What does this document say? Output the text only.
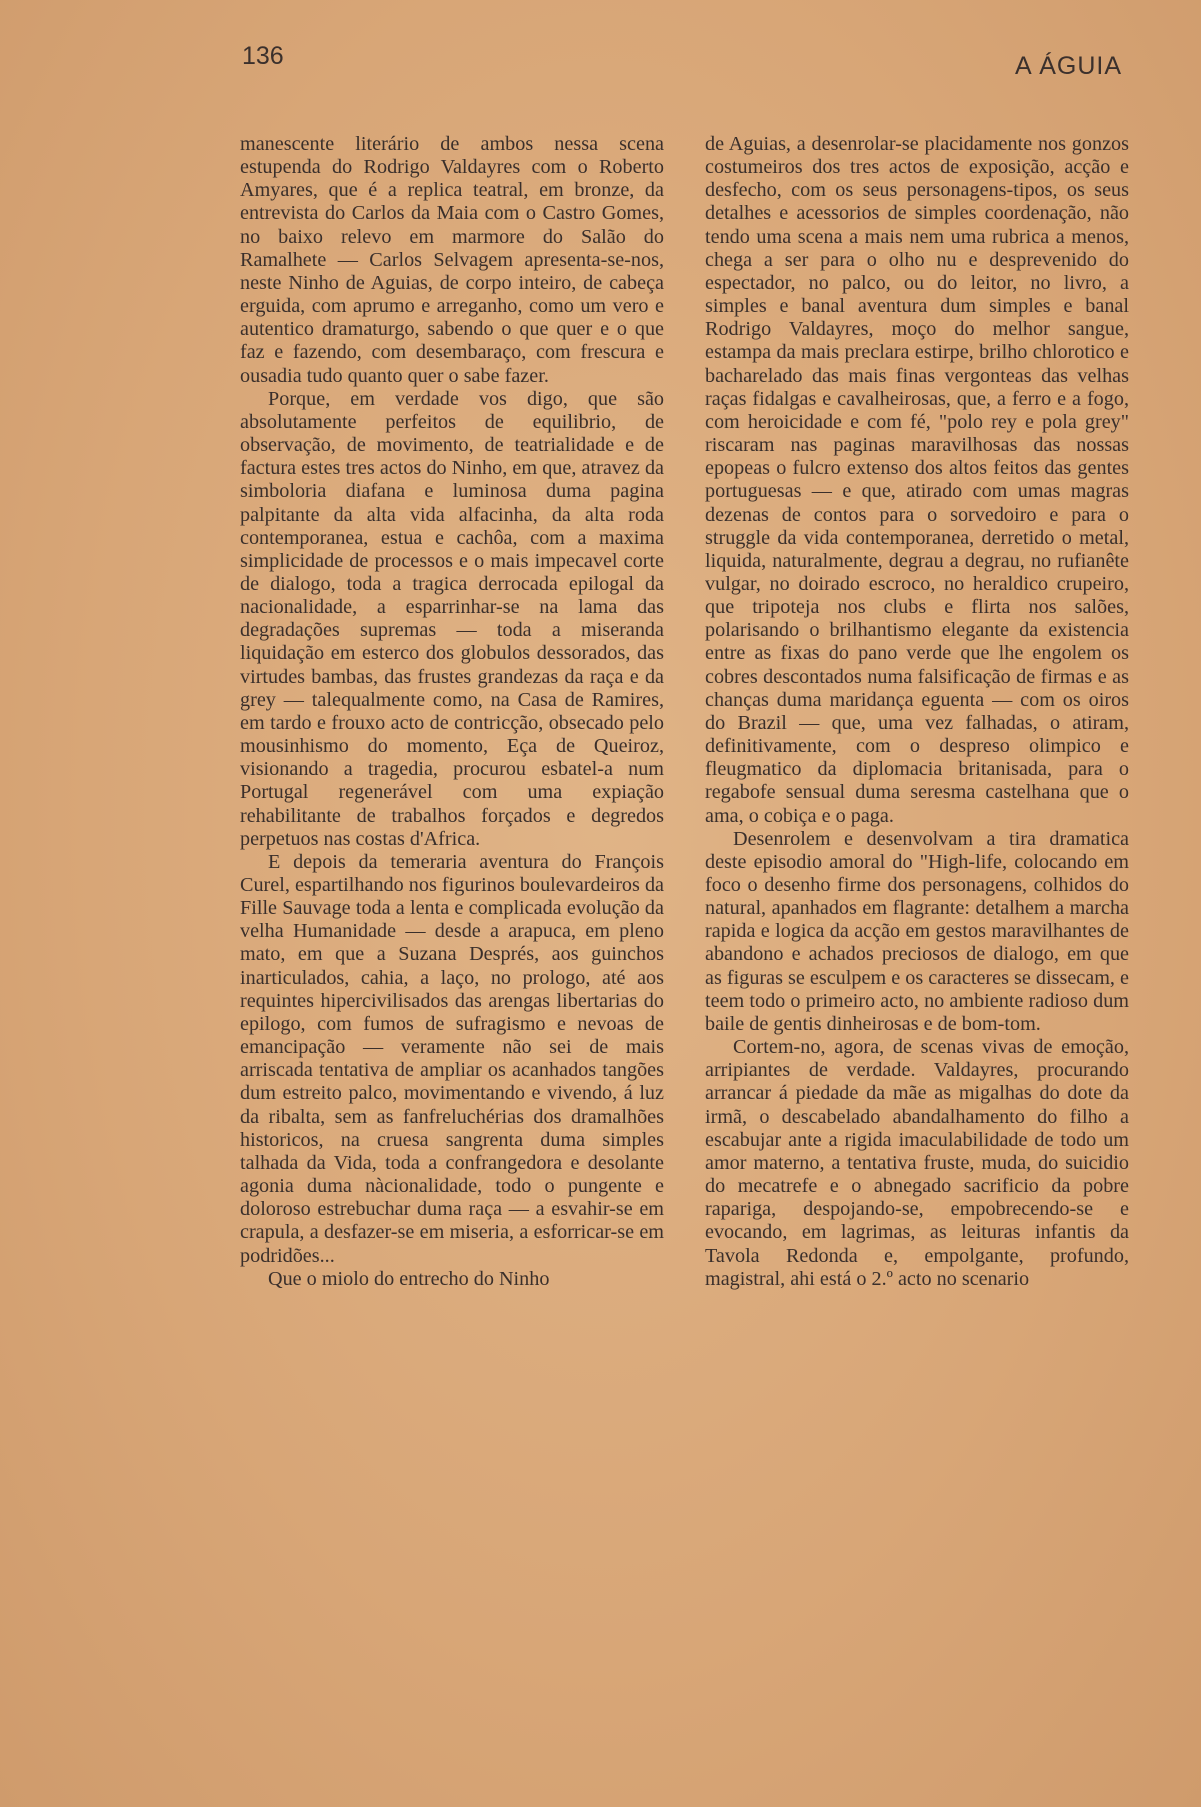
136	A ÁGUIA

manescente literário de ambos nessa scena estupenda do Rodrigo Valdayres com o Roberto Amyares, que é a replica teatral, em bronze, da entrevista do Carlos da Maia com o Castro Gomes, no baixo relevo em marmore do Salão do Ramalhete — Carlos Selvagem apresenta-se-nos, neste Ninho de Aguias, de corpo inteiro, de cabeça erguida, com aprumo e arreganho, como um vero e autentico dramaturgo, sabendo o que quer e o que faz e fazendo, com desembaraço, com frescura e ousadia tudo quanto quer o sabe fazer.

Porque, em verdade vos digo, que são absolutamente perfeitos de equilibrio, de observação, de movimento, de teatrialidade e de factura estes tres actos do Ninho, em que, atravez da simboloria diafana e luminosa duma pagina palpitante da alta vida alfacinha, da alta roda contemporanea, estua e cachôa, com a maxima simplicidade de processos e o mais impecavel corte de dialogo, toda a tragica derrocada epilogal da nacionalidade, a esparrinhar-se na lama das degradações supremas — toda a miseranda liquidação em esterco dos globulos dessorados, das virtudes bambas, das frustes grandezas da raça e da grey — talequalmente como, na Casa de Ramires, em tardo e frouxo acto de contricção, obsecado pelo mousinhismo do momento, Eça de Queiroz, visionando a tragedia, procurou esbatel-a num Portugal regenerável com uma expiação rehabilitante de trabalhos forçados e degredos perpetuos nas costas d'Africa.

E depois da temeraria aventura do François Curel, espartilhando nos figurinos boulevardeiros da Fille Sauvage toda a lenta e complicada evolução da velha Humanidade — desde a arapuca, em pleno mato, em que a Suzana Després, aos guinchos inarticulados, cahia, a laço, no prologo, até aos requintes hipercivilisados das arengas libertarias do epilogo, com fumos de sufragismo e nevoas de emancipação — veramente não sei de mais arriscada tentativa de ampliar os acanhados tangões dum estreito palco, movimentando e vivendo, á luz da ribalta, sem as fanfreluchérias dos dramalhões historicos, na cruesa sangrenta duma simples talhada da Vida, toda a confrangedora e desolante agonia duma nàcionalidade, todo o pungente e doloroso estrebuchar duma raça — a esvahir-se em crapula, a desfazer-se em miseria, a esforricar-se em podridões...

Que o miolo do entrecho do Ninho

de Aguias, a desenrolar-se placidamente nos gonzos costumeiros dos tres actos de exposição, acção e desfecho, com os seus personagens-tipos, os seus detalhes e acessorios de simples coordenação, não tendo uma scena a mais nem uma rubrica a menos, chega a ser para o olho nu e desprevenido do espectador, no palco, ou do leitor, no livro, a simples e banal aventura dum simples e banal Rodrigo Valdayres, moço do melhor sangue, estampa da mais preclara estirpe, brilho chlorotico e bacharelado das mais finas vergonteas das velhas raças fidalgas e cavalheirosas, que, a ferro e a fogo, com heroicidade e com fé, "polo rey e pola grey" riscaram nas paginas maravilhosas das nossas epopeas o fulcro extenso dos altos feitos das gentes portuguesas — e que, atirado com umas magras dezenas de contos para o sorvedoiro e para o struggle da vida contemporanea, derretido o metal, liquida, naturalmente, degrau a degrau, no rufianête vulgar, no doirado escroco, no heraldico crupeiro, que tripoteja nos clubs e flirta nos salões, polarisando o brilhantismo elegante da existencia entre as fixas do pano verde que lhe engolem os cobres descontados numa falsificação de firmas e as chanças duma maridança eguenta — com os oiros do Brazil — que, uma vez falhadas, o atiram, definitivamente, com o despreso olimpico e fleugmatico da diplomacia britanisada, para o regabofe sensual duma seresma castelhana que o ama, o cobiça e o paga.

Desenrolem e desenvolvam a tira dramatica deste episodio amoral do "High-life, colocando em foco o desenho firme dos personagens, colhidos do natural, apanhados em flagrante: detalhem a marcha rapida e logica da acção em gestos maravilhantes de abandono e achados preciosos de dialogo, em que as figuras se esculpem e os caracteres se dissecam, e teem todo o primeiro acto, no ambiente radioso dum baile de gentis dinheirosas e de bom-tom.

Cortem-no, agora, de scenas vivas de emoção, arripiantes de verdade. Valdayres, procurando arrancar á piedade da mãe as migalhas do dote da irmã, o descabelado abandalhamento do filho a escabujar ante a rigida imaculabilidade de todo um amor materno, a tentativa fruste, muda, do suicidio do mecatrefe e o abnegado sacrificio da pobre rapariga, despojando-se, empobrecendo-se e evocando, em lagrimas, as leituras infantis da Tavola Redonda e, empolgante, profundo, magistral, ahi está o 2.º acto no scenario
